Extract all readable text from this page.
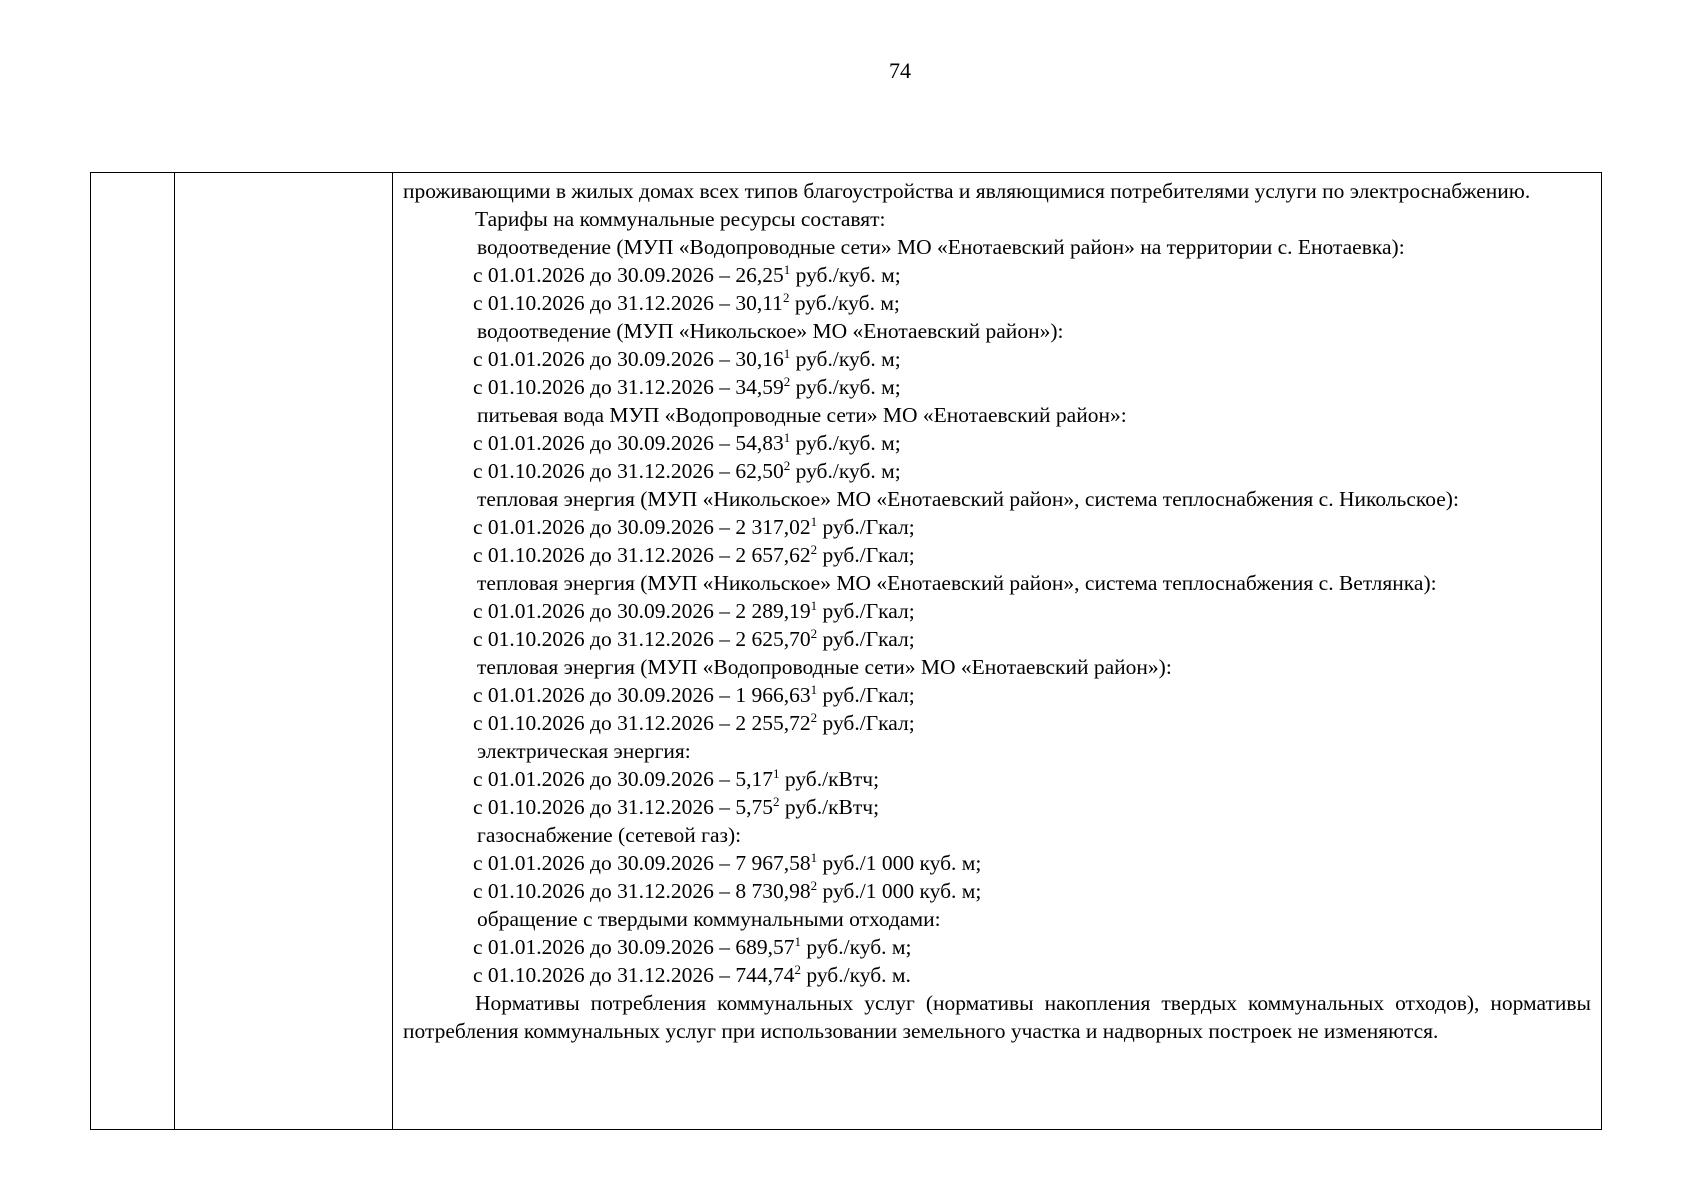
74

проживающими в жилых домах всех типов благоустройства и являющимися потребителями услуги по электроснабжению.

Тарифы на коммунальные ресурсы составят:

водоотведение (МУП «Водопроводные сети» МО «Енотаевский район» на территории с. Енотаевка):

с 01.01.2026 до 30.09.2026 – 26,25$^1$ руб./куб. м;

с 01.10.2026 до 31.12.2026 – 30,11$^2$ руб./куб. м;

водоотведение (МУП «Никольское» МО «Енотаевский район»):

с 01.01.2026 до 30.09.2026 – 30,16$^1$ руб./куб. м;

с 01.10.2026 до 31.12.2026 – 34,59$^2$ руб./куб. м;

питьевая вода МУП «Водопроводные сети» МО «Енотаевский район»:

с 01.01.2026 до 30.09.2026 – 54,83$^1$ руб./куб. м;

с 01.10.2026 до 31.12.2026 – 62,50$^2$ руб./куб. м;

тепловая энергия (МУП «Никольское» МО «Енотаевский район», система теплоснабжения с. Никольское):

с 01.01.2026 до 30.09.2026 – 2 317,02$^1$ руб./Гкал;

с 01.10.2026 до 31.12.2026 – 2 657,62$^2$ руб./Гкал;

тепловая энергия (МУП «Никольское» МО «Енотаевский район», система теплоснабжения с. Ветлянка):

с 01.01.2026 до 30.09.2026 – 2 289,19$^1$ руб./Гкал;

с 01.10.2026 до 31.12.2026 – 2 625,70$^2$ руб./Гкал;

тепловая энергия (МУП «Водопроводные сети» МО «Енотаевский район»):

с 01.01.2026 до 30.09.2026 – 1 966,63$^1$ руб./Гкал;

с 01.10.2026 до 31.12.2026 – 2 255,72$^2$ руб./Гкал;

электрическая энергия:

с 01.01.2026 до 30.09.2026 – 5,17$^1$ руб./кВтч;

с 01.10.2026 до 31.12.2026 – 5,75$^2$ руб./кВтч;

газоснабжение (сетевой газ):

с 01.01.2026 до 30.09.2026 – 7 967,58$^1$ руб./1 000 куб. м;

с 01.10.2026 до 31.12.2026 – 8 730,98$^2$ руб./1 000 куб. м;

обращение с твердыми коммунальными отходами:

с 01.01.2026 до 30.09.2026 – 689,57$^1$ руб./куб. м;

с 01.10.2026 до 31.12.2026 – 744,74$^2$ руб./куб. м.

Нормативы потребления коммунальных услуг (нормативы накопления твердых коммунальных отходов), нормативы потребления коммунальных услуг при использовании земельного участка и надворных построек не изменяются.
